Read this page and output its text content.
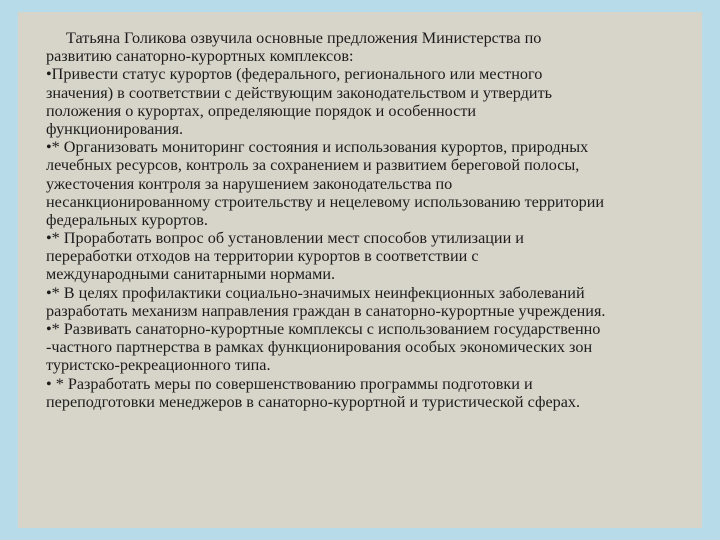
Татьяна Голикова озвучила основные предложения Министерства по
развитию санаторно-курортных комплексов:
•Привести статус курортов (федерального, регионального или местного
значения) в соответствии с действующим законодательством и утвердить
положения о курортах, определяющие порядок и особенности
функционирования.
•* Организовать мониторинг состояния и использования курортов, природных
лечебных ресурсов, контроль за сохранением и развитием береговой полосы,
ужесточения контроля за нарушением законодательства по
несанкционированному строительству и нецелевому использованию территории
федеральных курортов.
•* Проработать вопрос об установлении мест способов утилизации и
переработки отходов на территории курортов в соответствии с
международными санитарными нормами.
•* В целях профилактики социально-значимых неинфекционных заболеваний
разработать механизм направления граждан в санаторно-курортные учреждения.
•* Развивать санаторно-курортные комплексы с использованием государственно
-частного партнерства в рамках функционирования особых экономических зон
туристско-рекреационного типа.
• * Разработать меры по совершенствованию программы подготовки и
переподготовки менеджеров в санаторно-курортной и туристической сферах.
